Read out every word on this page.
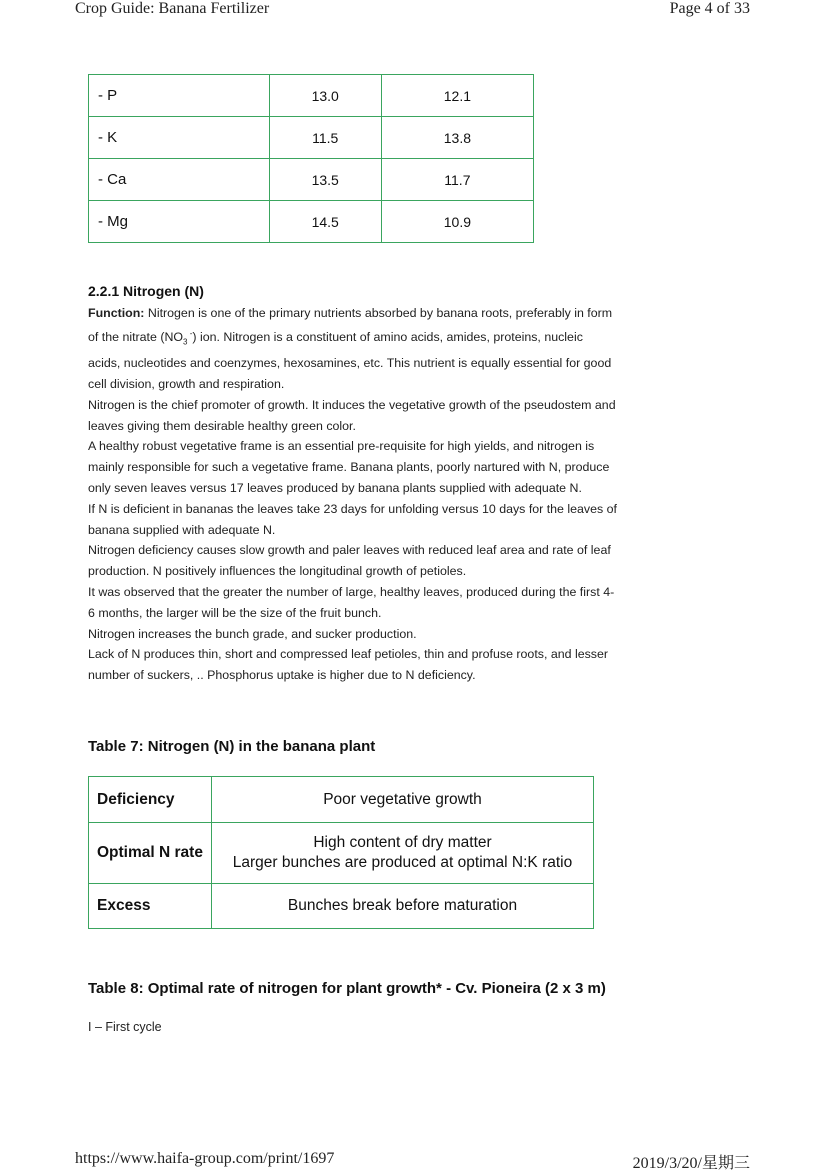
Crop Guide: Banana Fertilizer	Page 4 of 33
- P	13.0	12.1
- K	11.5	13.8
- Ca	13.5	11.7
- Mg	14.5	10.9
2.2.1 Nitrogen (N)
Function: Nitrogen is one of the primary nutrients absorbed by banana roots, preferably in form of the nitrate ($NO_3$ -) ion. Nitrogen is a constituent of amino acids, amides, proteins, nucleic acids, nucleotides and coenzymes, hexosamines, etc. This nutrient is equally essential for good cell division, growth and respiration.
Nitrogen is the chief promoter of growth. It induces the vegetative growth of the pseudostem and leaves giving them desirable healthy green color.
A healthy robust vegetative frame is an essential pre-requisite for high yields, and nitrogen is mainly responsible for such a vegetative frame. Banana plants, poorly nartured with N, produce only seven leaves versus 17 leaves produced by banana plants supplied with adequate N.
If N is deficient in bananas the leaves take 23 days for unfolding versus 10 days for the leaves of banana supplied with adequate N.
Nitrogen deficiency causes slow growth and paler leaves with reduced leaf area and rate of leaf production. N positively influences the longitudinal growth of petioles.
It was observed that the greater the number of large, healthy leaves, produced during the first 4-6 months, the larger will be the size of the fruit bunch.
Nitrogen increases the bunch grade, and sucker production.
Lack of N produces thin, short and compressed leaf petioles, thin and profuse roots, and lesser number of suckers, .. Phosphorus uptake is higher due to N deficiency.
Table 7: Nitrogen (N) in the banana plant
Deficiency	Poor vegetative growth

Optimal N rate	High content of dry matter
Larger bunches are produced at optimal N:K ratio

Excess	Bunches break before maturation
Table 8: Optimal rate of nitrogen for plant growth* - Cv. Pioneira (2 x 3 m)
I – First cycle
https://www.haifa-group.com/print/1697	2019/3/20/星期三
